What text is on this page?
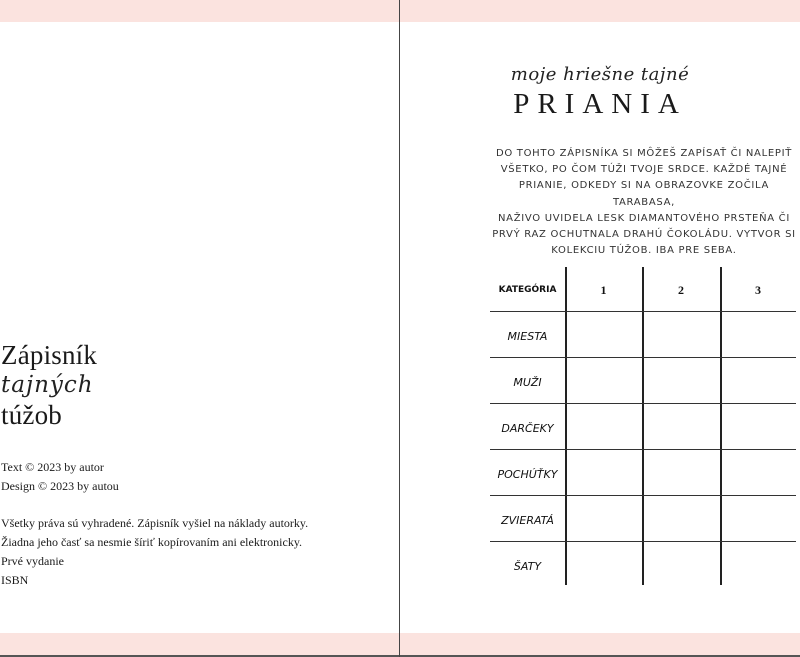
Zápisník
tajných
túžob
Text © 2023 by autor
Design © 2023 by autou
Všetky práva sú vyhradené. Zápisník vyšiel na náklady autorky.
Žiadna jeho časť sa nesmie šíriť kopírovaním ani elektronicky.
Prvé vydanie
ISBN
moje hriešne tajné
PRIANIA
DO TOHTO ZÁPISNÍKA SI MÔŽEŠ ZAPÍSAŤ ČI NALEPIŤ
VŠETKO, PO ČOM TÚŽI TVOJE SRDCE. KAŽDÉ TAJNÉ
PRIANIE, ODKEDY SI NA OBRAZOVKE ZOČILA TARABASA,
NAŽIVO UVIDELA LESK DIAMANTOVÉHO PRSTEŇA ČI
PRVÝ RAZ OCHUTNALA DRAHÚ ČOKOLÁDU. VYTVOR SI
KOLEKCIU TÚŽOB. IBA PRE SEBA.
KATEGÓRIA	1	2	3
MIESTA
MUŽI
DARČEKY
POCHÚŤKY
ZVIERATÁ
ŠATY
